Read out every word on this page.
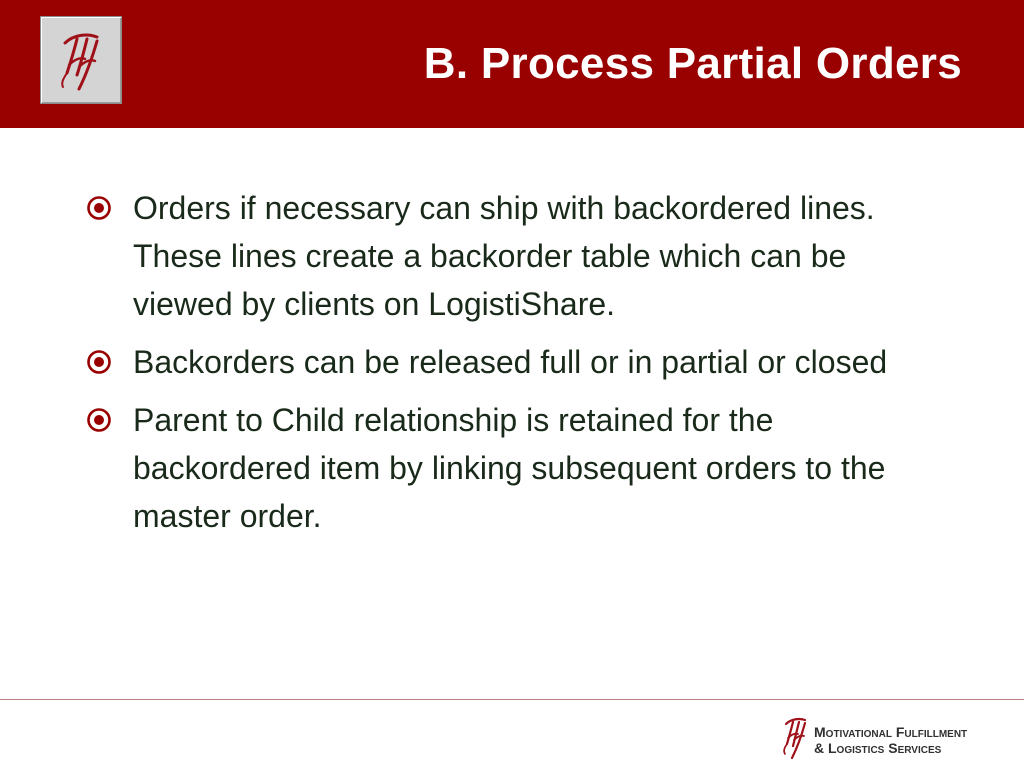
B. Process Partial Orders
Orders if necessary can ship with backordered lines. These lines create a backorder table which can be viewed by clients on LogistiShare.
Backorders can be released full or in partial or closed
Parent to Child relationship is retained for the backordered item by linking subsequent orders to the master order.
Motivational Fulfillment
& Logistics Services
